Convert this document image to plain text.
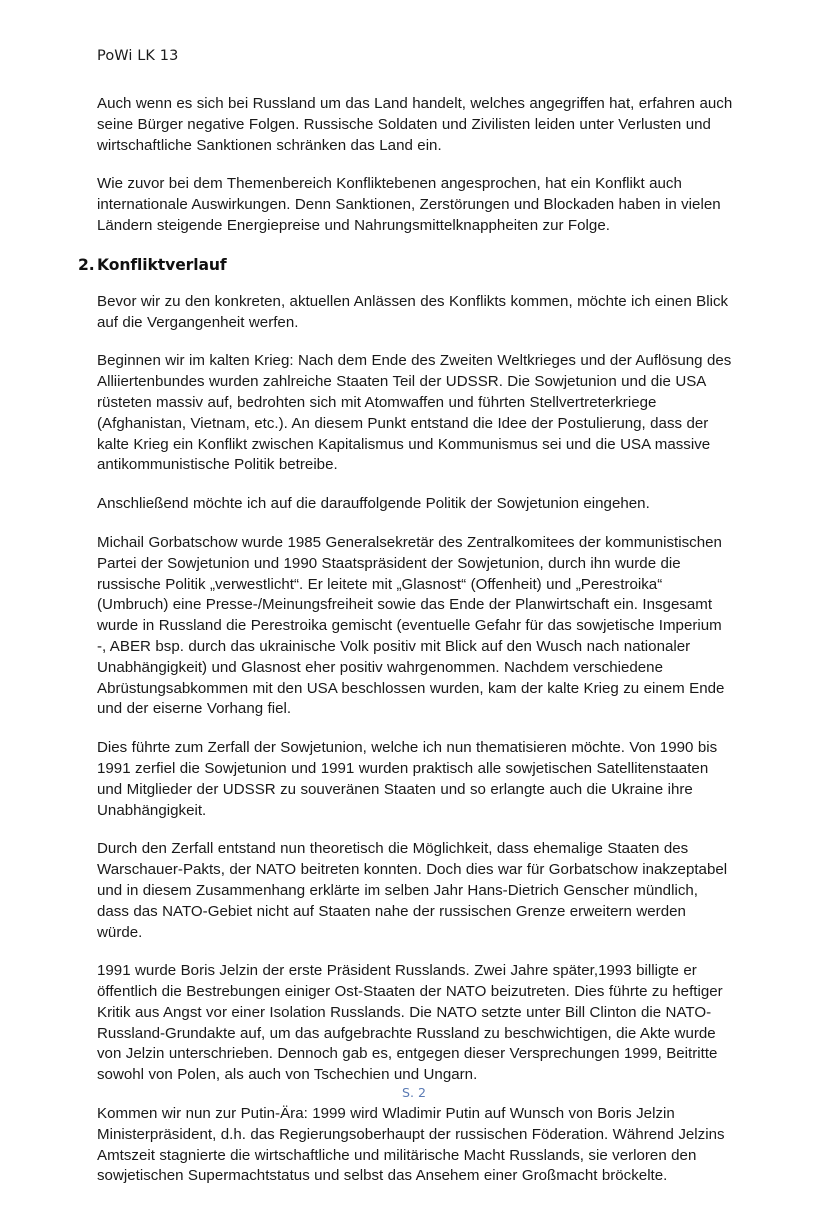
PoWi LK 13

Auch wenn es sich bei Russland um das Land handelt, welches angegriffen hat, erfahren auch seine Bürger negative Folgen. Russische Soldaten und Zivilisten leiden unter Verlusten und wirtschaftliche Sanktionen schränken das Land ein.

Wie zuvor bei dem Themenbereich Konfliktebenen angesprochen, hat ein Konflikt auch internationale Auswirkungen. Denn Sanktionen, Zerstörungen und Blockaden haben in vielen Ländern steigende Energiepreise und Nahrungsmittelknappheiten zur Folge.

2. Konfliktverlauf

Bevor wir zu den konkreten, aktuellen Anlässen des Konflikts kommen, möchte ich einen Blick auf die Vergangenheit werfen.

Beginnen wir im kalten Krieg: Nach dem Ende des Zweiten Weltkrieges und der Auflösung des Alliiertenbundes wurden zahlreiche Staaten Teil der UDSSR. Die Sowjetunion und die USA rüsteten massiv auf, bedrohten sich mit Atomwaffen und führten Stellvertreterkriege (Afghanistan, Vietnam, etc.). An diesem Punkt entstand die Idee der Postulierung, dass der kalte Krieg ein Konflikt zwischen Kapitalismus und Kommunismus sei und die USA massive antikommunistische Politik betreibe.

Anschließend möchte ich auf die darauffolgende Politik der Sowjetunion eingehen.

Michail Gorbatschow wurde 1985 Generalsekretär des Zentralkomitees der kommunistischen Partei der Sowjetunion und 1990 Staatspräsident der Sowjetunion, durch ihn wurde die russische Politik „verwestlicht“. Er leitete mit „Glasnost“ (Offenheit) und „Perestroika“ (Umbruch) eine Presse-/Meinungsfreiheit sowie das Ende der Planwirtschaft ein. Insgesamt wurde in Russland die Perestroika gemischt (eventuelle Gefahr für das sowjetische Imperium -, ABER bsp. durch das ukrainische Volk positiv mit Blick auf den Wusch nach nationaler Unabhängigkeit) und Glasnost eher positiv wahrgenommen. Nachdem verschiedene Abrüstungsabkommen mit den USA beschlossen wurden, kam der kalte Krieg zu einem Ende und der eiserne Vorhang fiel.

Dies führte zum Zerfall der Sowjetunion, welche ich nun thematisieren möchte. Von 1990 bis 1991 zerfiel die Sowjetunion und 1991 wurden praktisch alle sowjetischen Satellitenstaaten und Mitglieder der UDSSR zu souveränen Staaten und so erlangte auch die Ukraine ihre Unabhängigkeit.

Durch den Zerfall entstand nun theoretisch die Möglichkeit, dass ehemalige Staaten des Warschauer-Pakts, der NATO beitreten konnten. Doch dies war für Gorbatschow inakzeptabel und in diesem Zusammenhang erklärte im selben Jahr Hans-Dietrich Genscher mündlich, dass das NATO-Gebiet nicht auf Staaten nahe der russischen Grenze erweitern werden würde.

1991 wurde Boris Jelzin der erste Präsident Russlands. Zwei Jahre später,1993 billigte er öffentlich die Bestrebungen einiger Ost-Staaten der NATO beizutreten. Dies führte zu heftiger Kritik aus Angst vor einer Isolation Russlands. Die NATO setzte unter Bill Clinton die NATO-Russland-Grundakte auf, um das aufgebrachte Russland zu beschwichtigen, die Akte wurde von Jelzin unterschrieben. Dennoch gab es, entgegen dieser Versprechungen 1999, Beitritte sowohl von Polen, als auch von Tschechien und Ungarn.

Kommen wir nun zur Putin-Ära: 1999 wird Wladimir Putin auf Wunsch von Boris Jelzin Ministerpräsident, d.h. das Regierungsoberhaupt der russischen Föderation. Während Jelzins Amtszeit stagnierte die wirtschaftliche und militärische Macht Russlands, sie verloren den sowjetischen Supermachtstatus und selbst das Ansehem einer Großmacht bröckelte.

S. 2
